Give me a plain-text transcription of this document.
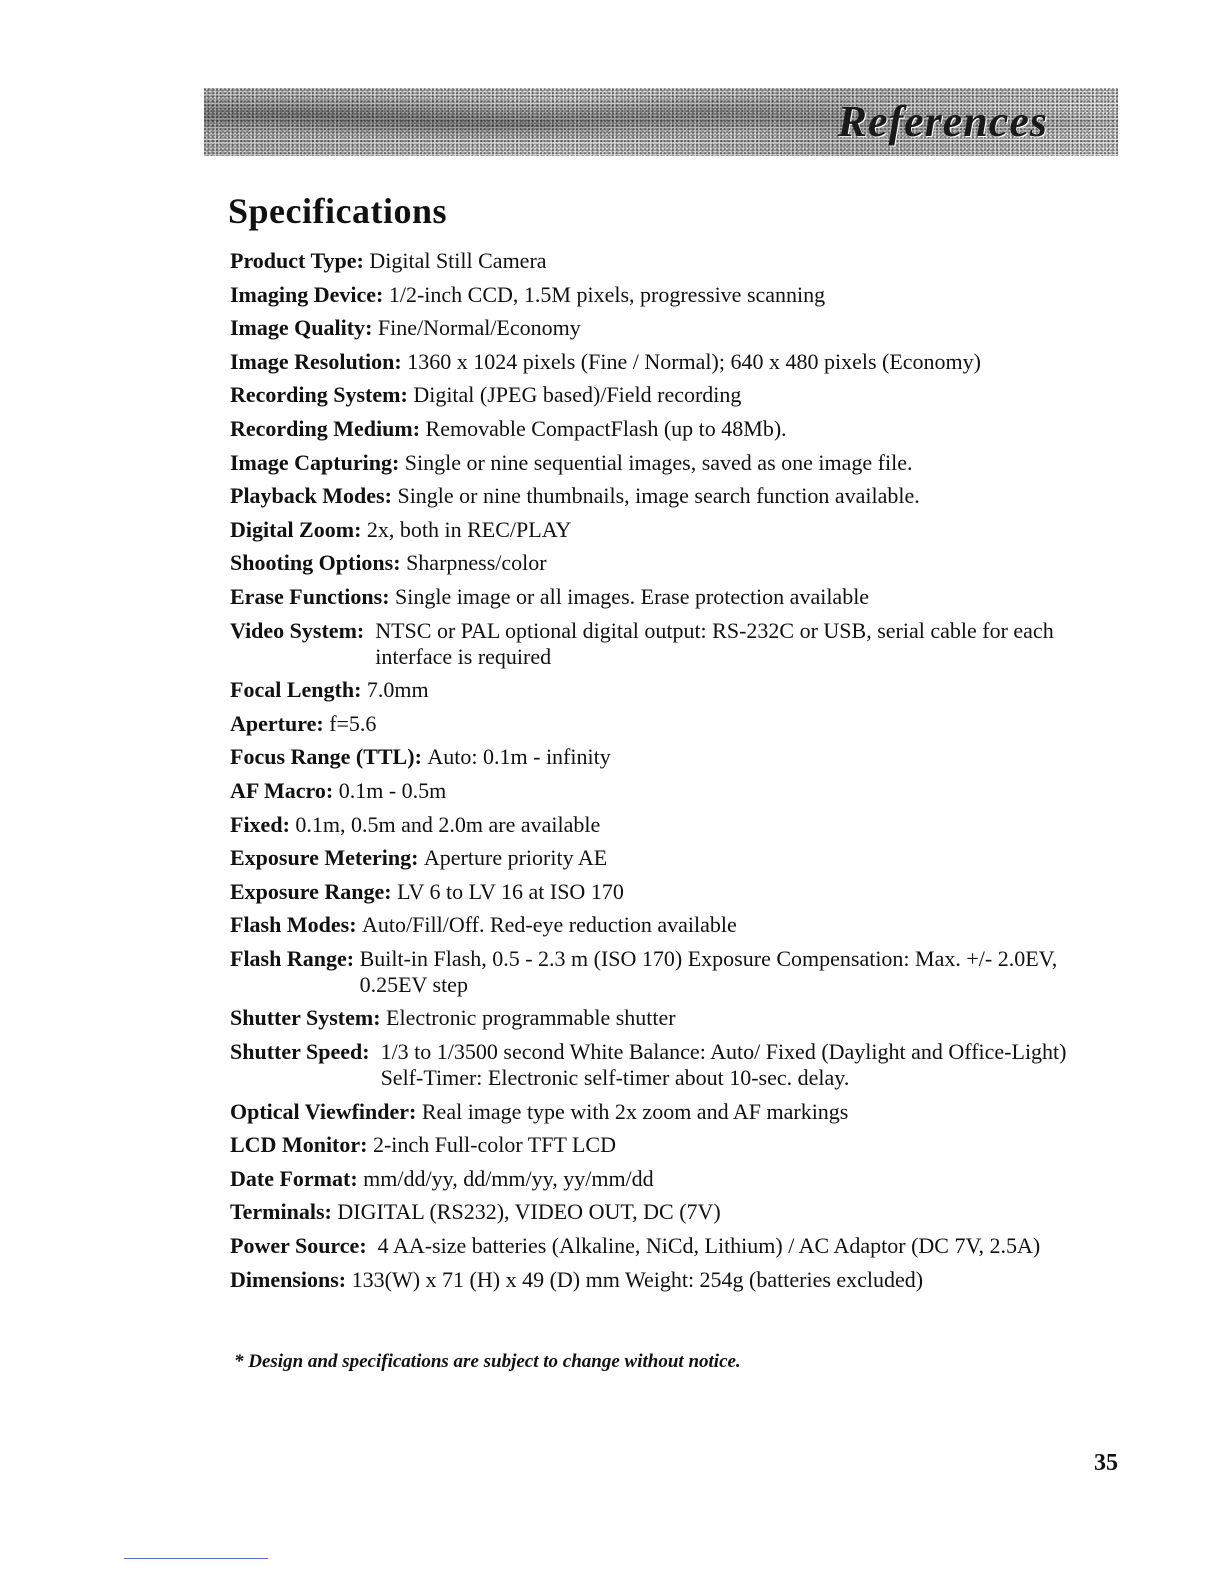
References
Specifications
Product Type: Digital Still Camera
Imaging Device: 1/2-inch CCD, 1.5M pixels, progressive scanning
Image Quality: Fine/Normal/Economy
Image Resolution: 1360 x 1024 pixels (Fine / Normal); 640 x 480 pixels (Economy)
Recording System: Digital (JPEG based)/Field recording
Recording Medium: Removable CompactFlash (up to 48Mb).
Image Capturing: Single or nine sequential images, saved as one image file.
Playback Modes: Single or nine thumbnails, image search function available.
Digital Zoom: 2x, both in REC/PLAY
Shooting Options: Sharpness/color
Erase Functions: Single image or all images. Erase protection available
Video System : NTSC or PAL optional digital output: RS-232C or USB, serial cable for each interface is required
Focal Length: 7.0mm
Aperture: f=5.6
Focus Range (TTL): Auto: 0.1m - infinity
AF Macro: 0.1m - 0.5m
Fixed: 0.1m, 0.5m and 2.0m are available
Exposure Metering: Aperture priority AE
Exposure Range: LV 6 to LV 16 at ISO 170
Flash Modes: Auto/Fill/Off. Red-eye reduction available
Flash Range : Built-in Flash, 0.5 - 2.3 m (ISO 170) Exposure Compensation: Max. +/- 2.0EV, 0.25EV step
Shutter System: Electronic programmable shutter
Shutter Speed : 1/3 to 1/3500 second White Balance: Auto/ Fixed (Daylight and Office-Light) Self-Timer: Electronic self-timer about 10-sec. delay.
Optical Viewfinder: Real image type with 2x zoom and AF markings
LCD Monitor: 2-inch Full-color TFT LCD
Date Format: mm/dd/yy, dd/mm/yy, yy/mm/dd
Terminals: DIGITAL (RS232), VIDEO OUT, DC (7V)
Power Source : 4 AA-size batteries (Alkaline, NiCd, Lithium) / AC Adaptor (DC 7V, 2.5A)
Dimensions: 133(W) x 71 (H) x 49 (D) mm Weight: 254g (batteries excluded)
* Design and specifications are subject to change without notice.
35
